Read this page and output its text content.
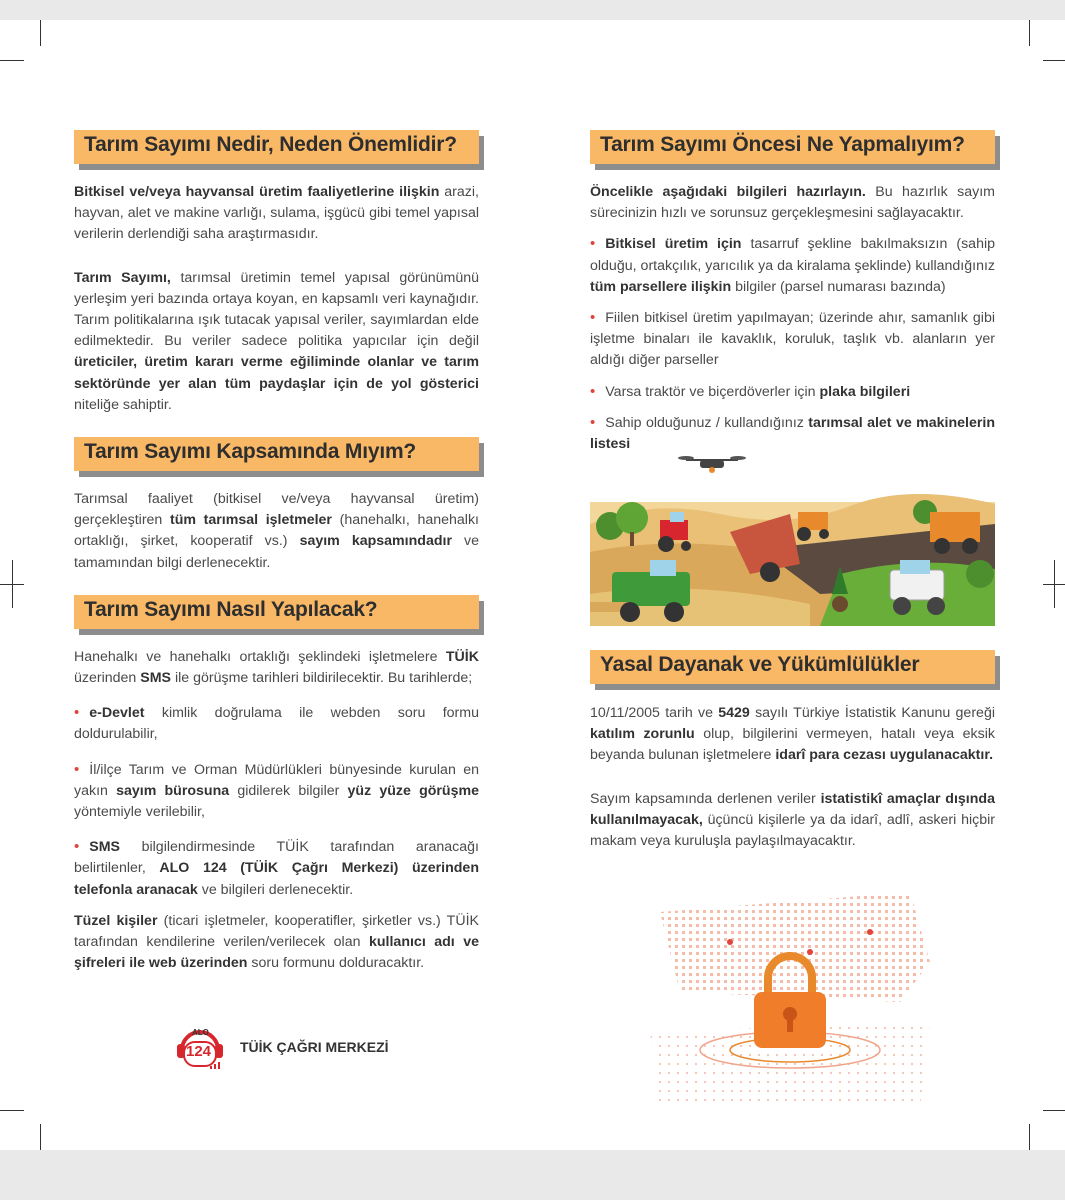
Tarım Sayımı Nedir, Neden Önemlidir?
Bitkisel ve/veya hayvansal üretim faaliyetlerine ilişkin arazi, hayvan, alet ve makine varlığı, sulama, işgücü gibi temel yapısal verilerin derlendiği saha araştırmasıdır.
Tarım Sayımı, tarımsal üretimin temel yapısal görünümünü yerleşim yeri bazında ortaya koyan, en kapsamlı veri kaynağıdır. Tarım politikalarına ışık tutacak yapısal veriler, sayımlardan elde edilmektedir. Bu veriler sadece politika yapıcılar için değil üreticiler, üretim kararı verme eğiliminde olanlar ve tarım sektöründe yer alan tüm paydaşlar için de yol gösterici niteliğe sahiptir.
Tarım Sayımı Kapsamında Mıyım?
Tarımsal faaliyet (bitkisel ve/veya hayvansal üretim) gerçekleştiren tüm tarımsal işletmeler (hanehalkı, hanehalkı ortaklığı, şirket, kooperatif vs.) sayım kapsamındadır ve tamamından bilgi derlenecektir.
Tarım Sayımı Nasıl Yapılacak?
Hanehalkı ve hanehalkı ortaklığı şeklindeki işletmelere TÜİK üzerinden SMS ile görüşme tarihleri bildirilecektir. Bu tarihlerde;
• e-Devlet kimlik doğrulama ile webden soru formu doldurulabilir,
• İl/ilçe Tarım ve Orman Müdürlükleri bünyesinde kurulan en yakın sayım bürosuna gidilerek bilgiler yüz yüze görüşme yöntemiyle verilebilir,
• SMS bilgilendirmesinde TÜİK tarafından aranacağı belirtilenler, ALO 124 (TÜİK Çağrı Merkezi) üzerinden telefonla aranacak ve bilgileri derlenecektir.
Tüzel kişiler (ticari işletmeler, kooperatifler, şirketler vs.) TÜİK tarafından kendilerine verilen/verilecek olan kullanıcı adı ve şifreleri ile web üzerinden soru formunu dolduracaktır.
ALO
124 TÜİK ÇAĞRI MERKEZİ
Tarım Sayımı Öncesi Ne Yapmalıyım?
Öncelikle aşağıdaki bilgileri hazırlayın. Bu hazırlık sayım sürecinizin hızlı ve sorunsuz gerçekleşmesini sağlayacaktır.
• Bitkisel üretim için tasarruf şekline bakılmaksızın (sahip olduğu, ortakçılık, yarıcılık ya da kiralama şeklinde) kullandığınız tüm parsellere ilişkin bilgiler (parsel numarası bazında)
• Fiilen bitkisel üretim yapılmayan; üzerinde ahır, samanlık gibi işletme binaları ile kavaklık, koruluk, taşlık vb. alanların yer aldığı diğer parseller
• Varsa traktör ve biçerdöverler için plaka bilgileri
• Sahip olduğunuz / kullandığınız tarımsal alet ve makinelerin listesi
Yasal Dayanak ve Yükümlülükler
10/11/2005 tarih ve 5429 sayılı Türkiye İstatistik Kanunu gereği katılım zorunlu olup, bilgilerini vermeyen, hatalı veya eksik beyanda bulunan işletmelere idarî para cezası uygulanacaktır.
Sayım kapsamında derlenen veriler istatistikî amaçlar dışında kullanılmayacak, üçüncü kişilerle ya da idarî, adlî, askeri hiçbir makam veya kuruluşla paylaşılmayacaktır.
